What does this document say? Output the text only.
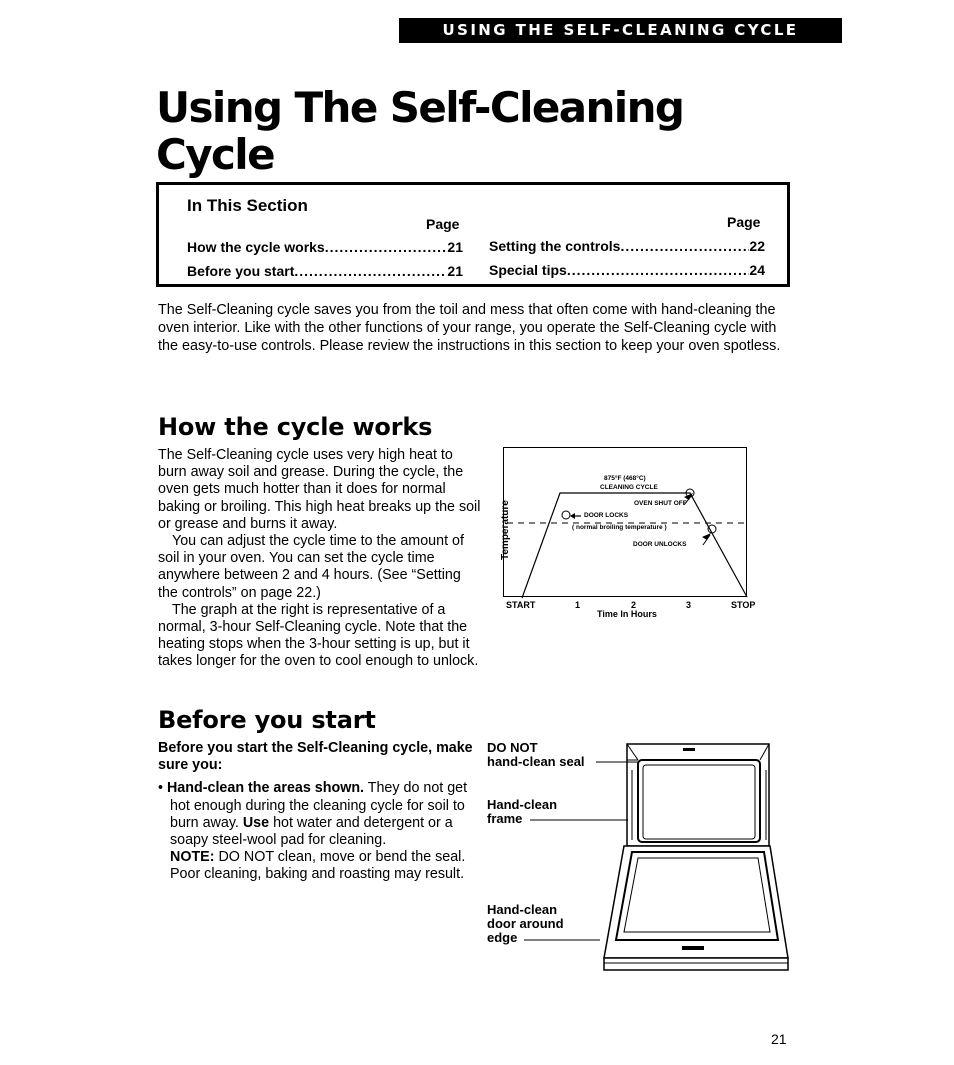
USING THE SELF-CLEANING CYCLE
Using The Self-Cleaning
Cycle
In This Section
Page	Page
How the cycle works .....	21
Before you start .....	21
Setting the controls .....	22
Special tips .....	24
The Self-Cleaning cycle saves you from the toil and mess that often come with hand-cleaning the oven interior. Like with the other functions of your range, you operate the Self-Cleaning cycle with the easy-to-use controls. Please review the instructions in this section to keep your oven spotless.
How the cycle works

The Self-Cleaning cycle uses very high heat to burn away soil and grease. During the cycle, the oven gets much hotter than it does for normal baking or broiling. This high heat breaks up the soil or grease and burns it away.

You can adjust the cycle time to the amount of soil in your oven. You can set the cycle time anywhere between 2 and 4 hours. (See “Setting the controls” on page 22.)

The graph at the right is representative of a normal, 3-hour Self-Cleaning cycle. Note that the heating stops when the 3-hour setting is up, but it takes longer for the oven to cool enough to unlock.

Temperature
875°F (468°C)
CLEANING CYCLE
OVEN SHUT OFF
DOOR LOCKS
( normal broiling temperature )
DOOR UNLOCKS
START	1	2	3	STOP
Time In Hours
Before you start

Before you start the Self-Cleaning cycle, make sure you:

• Hand-clean the areas shown. They do not get hot enough during the cleaning cycle for soil to burn away. Use hot water and detergent or a soapy steel-wool pad for cleaning.

NOTE: DO NOT clean, move or bend the seal. Poor cleaning, baking and roasting may result.

DO NOT
hand-clean seal
Hand-clean
frame
Hand-clean
door around
edge
21
